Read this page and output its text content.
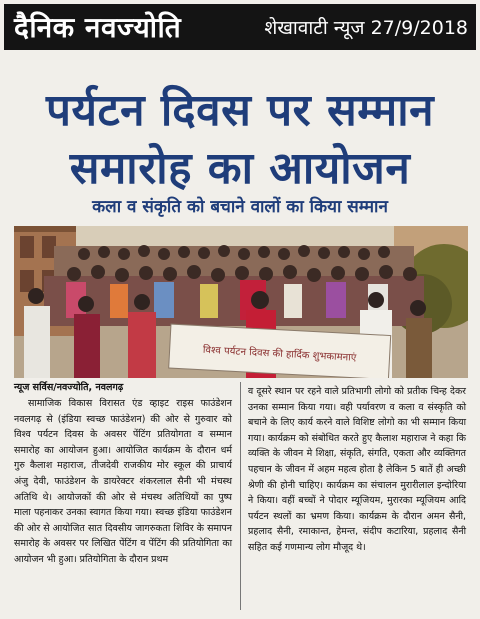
दैनिक नवज्योति	शेखावाटी न्यूज 27/9/2018
पर्यटन दिवस पर सम्मान
समारोह का आयोजन
कला व संकृति को बचाने वालों का किया सम्मान
विश्व पर्यटन दिवस की हार्दिक शुभकामनाएं
न्यूज सर्विस/नवज्योति, नवलगढ़

सामाजिक विकास विरासत एंड व्हाइट राइस फाउंडेशन नवलगढ़ से (इंडिया स्वच्छ फाउंडेशन) की ओर से गुरुवार को विश्व पर्यटन दिवस के अवसर पेंटिंग प्रतियोगता व सम्मान समारोह का आयोजन हुआ। आयोजित कार्यक्रम के दौरान धर्म गुरु कैलाश महाराज, तीजदेवी राजकीय मोर स्कूल की प्राचार्य अंजु देवी, फाउंडेशन के डायरेक्टर शंकरलाल सैनी भी मंचस्थ अतिथि थे। आयोजकों की ओर से मंचस्थ अतिथियों का पुष्प माला पहनाकर उनका स्वागत किया गया। स्वच्छ इंडिया फाउंडेशन की ओर से आयोजित सात दिवसीय जागरुकता शिविर के समापन समारोह के अवसर पर लिखित पेंटिंग व पेंटिंग की प्रतियोगिता का आयोजन भी हुआ। प्रतियोगिता के दौरान प्रथम

व दूसरे स्थान पर रहने वाले प्रतिभागी लोगो को प्रतीक चिन्ह देकर उनका सम्मान किया गया। वही पर्यावरण व कला व संस्कृति को बचाने के लिए कार्य करने वाले विशिष्ट लोगो का भी सम्मान किया गया। कार्यक्रम को संबोधित करते हुए कैलाश महाराज ने कहा कि व्यक्ति के जीवन मे शिक्षा, संकृति, संगति, एकता और व्यक्तिगत पहचान के जीवन में अहम महत्व होता है लेकिन 5 बातें ही अच्छी श्रेणी की होनी चाहिए। कार्यक्रम का संचालन मुरारीलाल इन्दोरिया ने किया। वहीं बच्चों ने पोदार म्यूजियम, मुरारका म्यूजियम आदि पर्यटन स्थलों का भ्रमण किया। कार्यक्रम के दौरान अमन सैनी, प्रहलाद सैनी, रमाकान्त, हेमन्त, संदीप कटारिया, प्रहलाद सैनी सहित कई गणमान्य लोग मौजूद थे।
